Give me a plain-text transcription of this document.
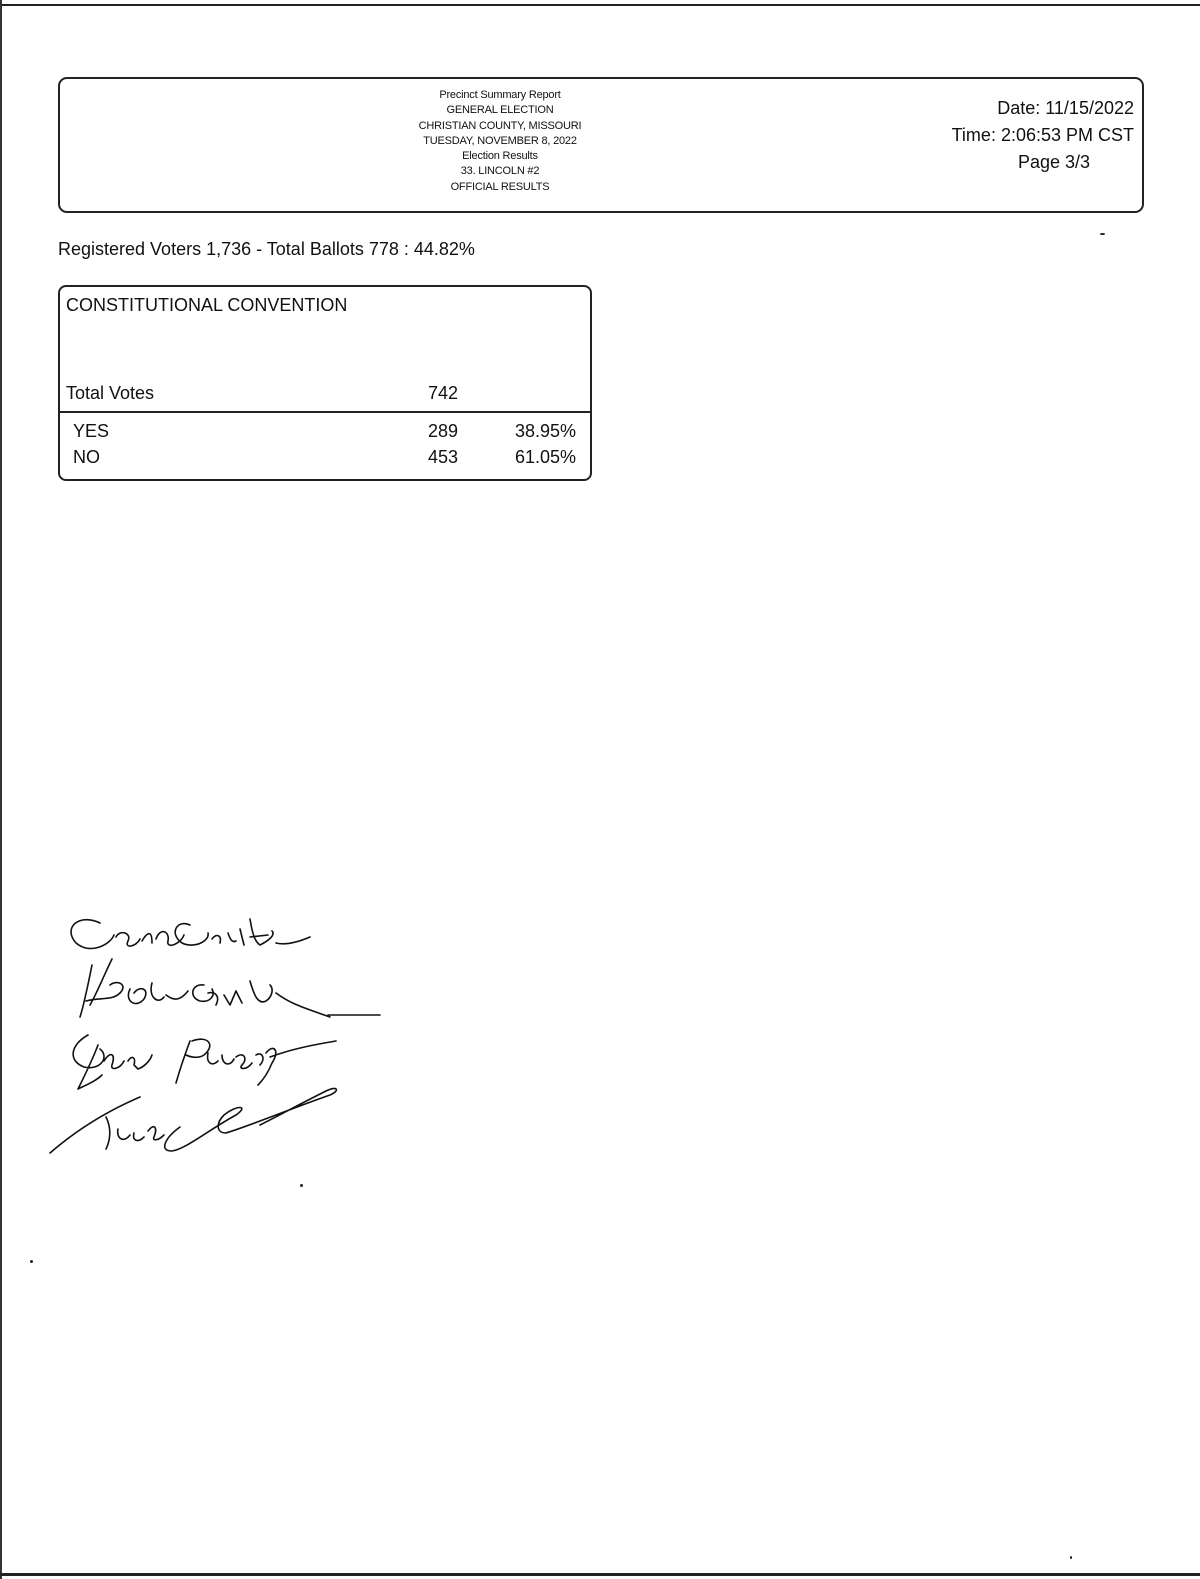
Precinct Summary Report
GENERAL ELECTION
CHRISTIAN COUNTY, MISSOURI
TUESDAY, NOVEMBER 8, 2022
Election Results
33. LINCOLN #2
OFFICIAL RESULTS
Date: 11/15/2022
Time: 2:06:53 PM CST
Page 3/3
Registered Voters 1,736 - Total Ballots 778 : 44.82%
CONSTITUTIONAL CONVENTION
Total Votes	742
YES	289	38.95%
NO	453	61.05%
